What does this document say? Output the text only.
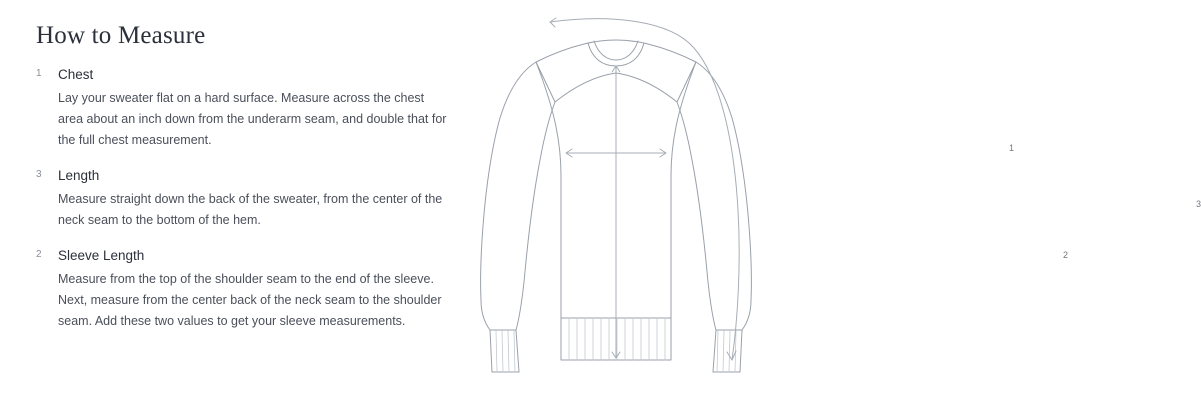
How to Measure
1 Chest
Lay your sweater flat on a hard surface. Measure across the chest area about an inch down from the underarm seam, and double that for the full chest measurement.
3 Length
Measure straight down the back of the sweater, from the center of the neck seam to the bottom of the hem.
2 Sleeve Length
Measure from the top of the shoulder seam to the end of the sleeve. Next, measure from the center back of the neck seam to the shoulder seam. Add these two values to get your sleeve measurements.
1
2
3
